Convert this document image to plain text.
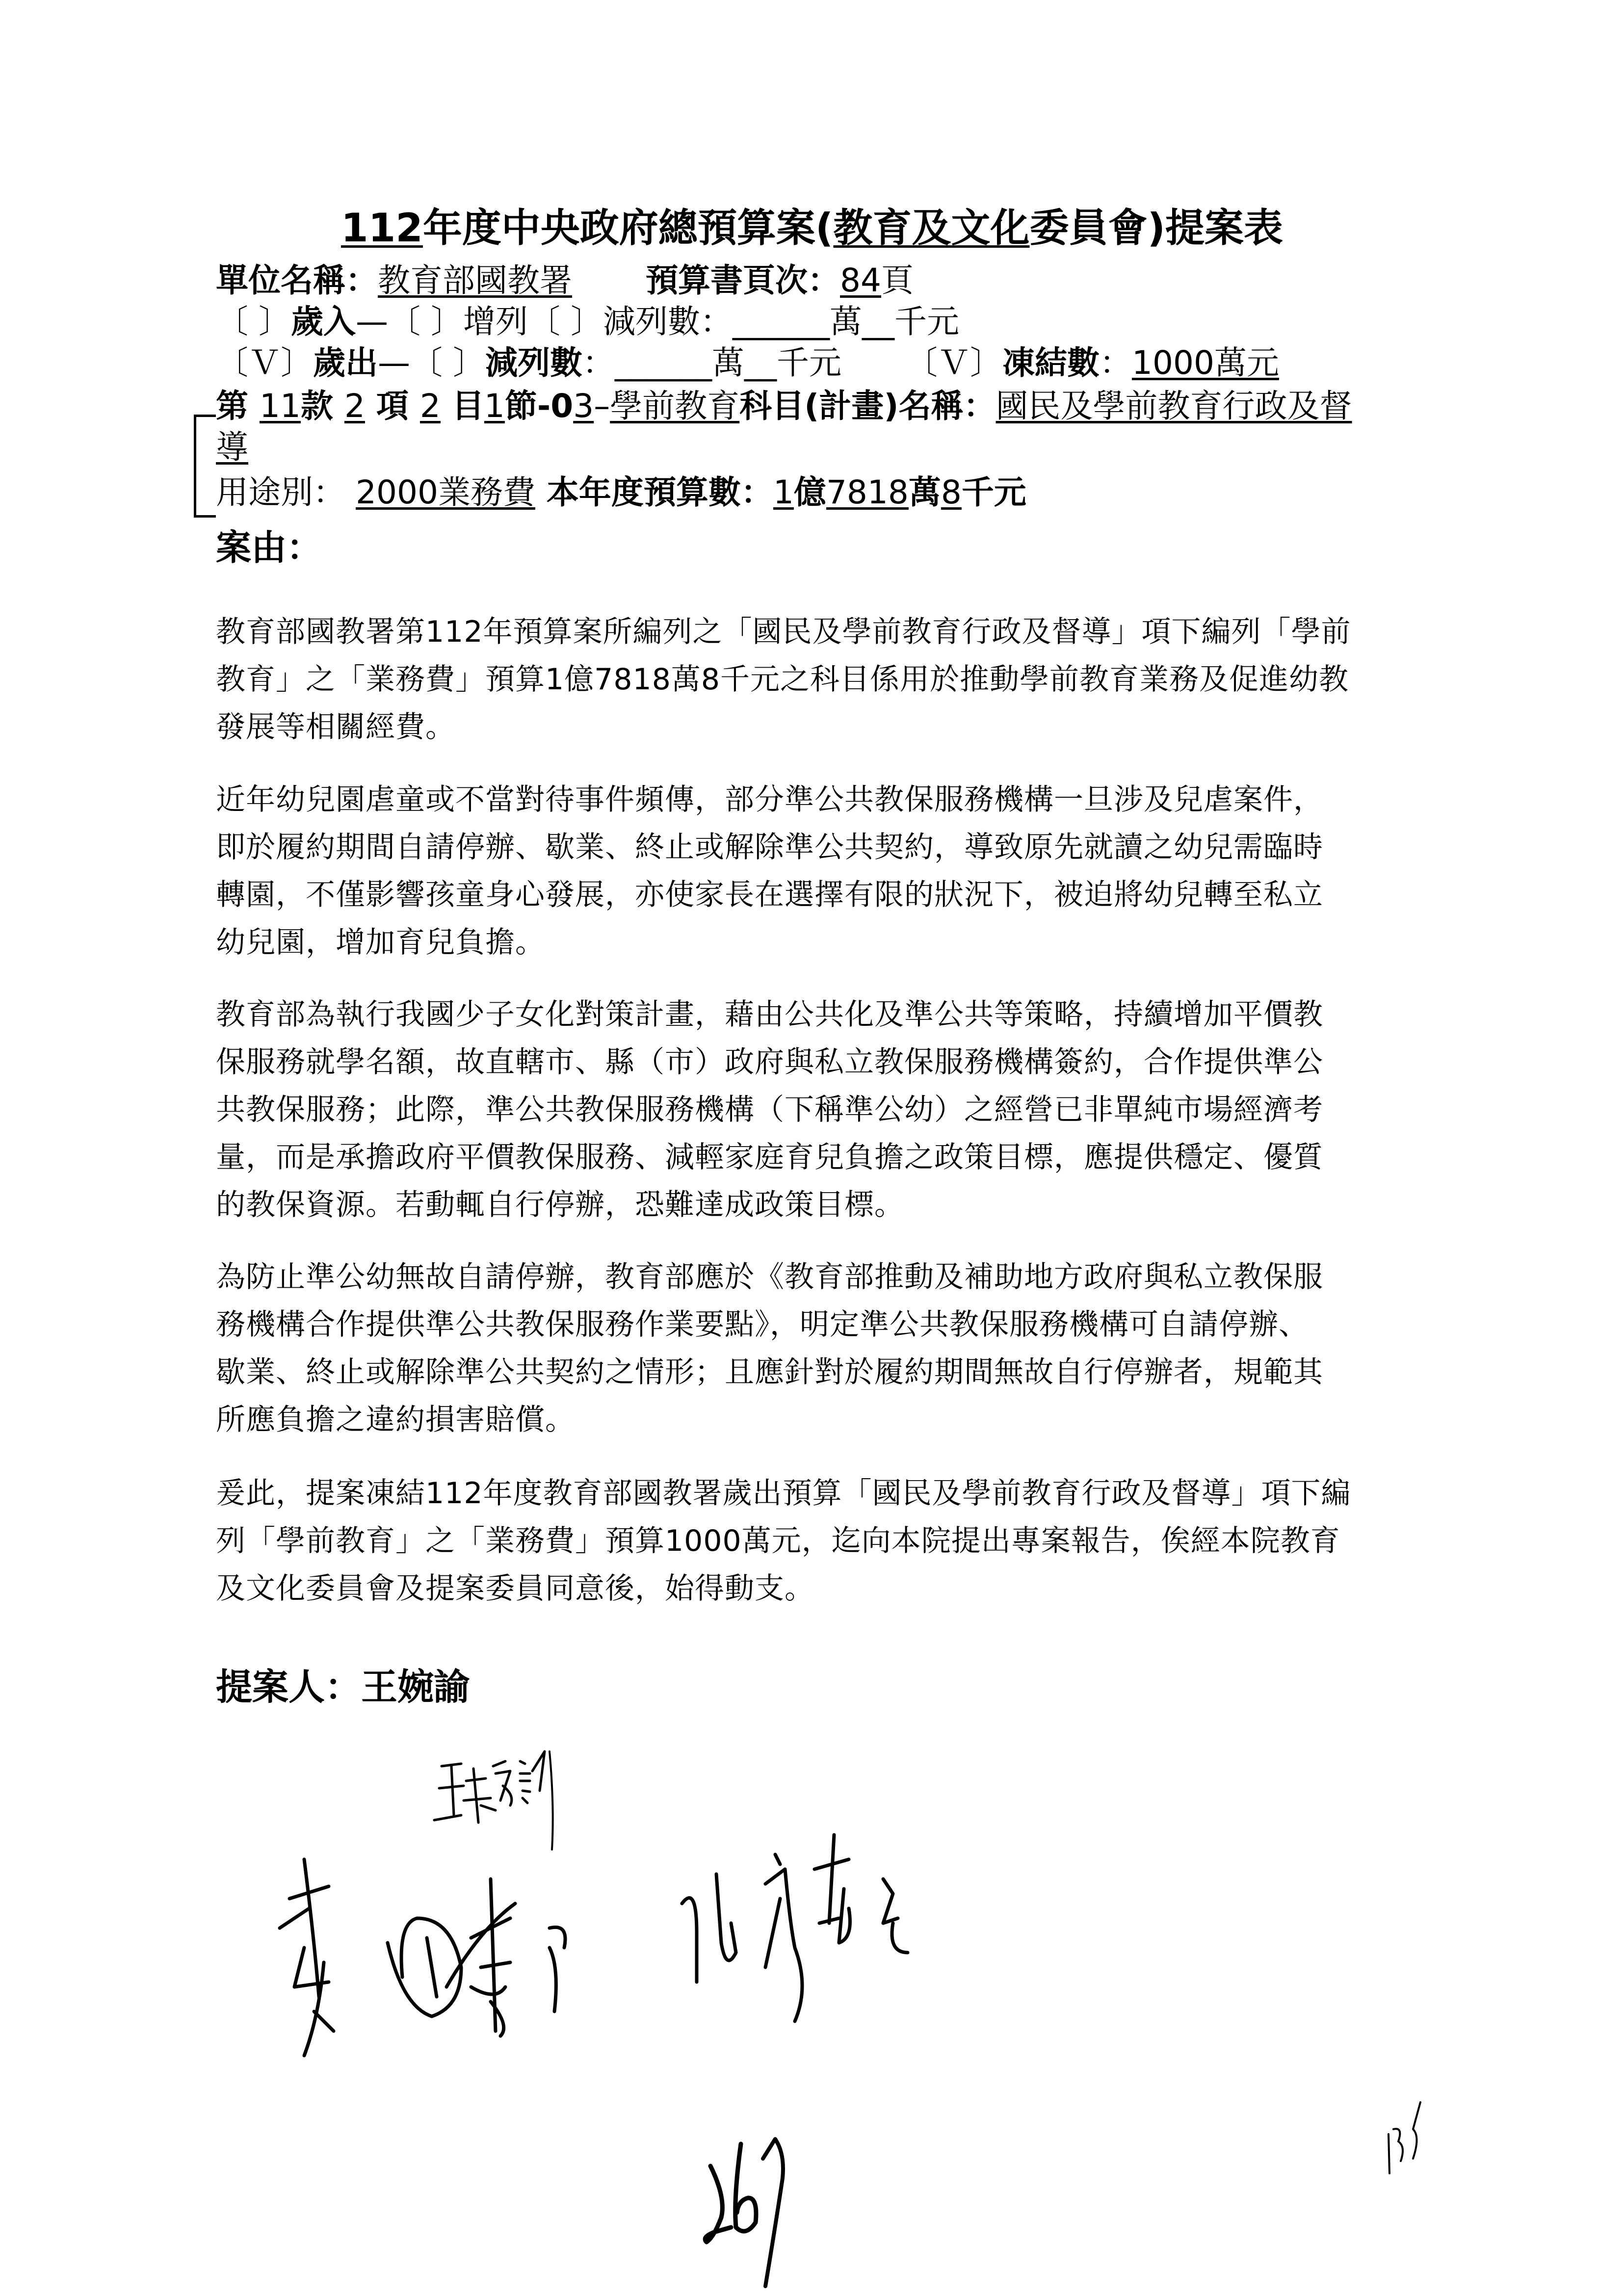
112年度中央政府總預算案(教育及文化委員會)提案表
單位名稱：教育部國教署 預算書頁次：84頁
〔 〕歲入—〔 〕增列〔 〕減列數：______萬__千元
〔Ｖ〕歲出—〔 〕減列數：______萬__千元 〔Ｖ〕凍結數：1000萬元
第 11款 2 項 2 目1節-03–學前教育科目(計畫)名稱：國民及學前教育行政及督
導
用途別： 2000業務費 本年度預算數：1億7818萬8千元
案由：
教育部國教署第112年預算案所編列之「國民及學前教育行政及督導」項下編列「學前
教育」之「業務費」預算1億7818萬8千元之科目係用於推動學前教育業務及促進幼教
發展等相關經費。
近年幼兒園虐童或不當對待事件頻傳，部分準公共教保服務機構一旦涉及兒虐案件，
即於履約期間自請停辦、歇業、終止或解除準公共契約，導致原先就讀之幼兒需臨時
轉園，不僅影響孩童身心發展，亦使家長在選擇有限的狀況下，被迫將幼兒轉至私立
幼兒園，增加育兒負擔。
教育部為執行我國少子女化對策計畫，藉由公共化及準公共等策略，持續增加平價教
保服務就學名額，故直轄市、縣（市）政府與私立教保服務機構簽約，合作提供準公
共教保服務；此際，準公共教保服務機構（下稱準公幼）之經營已非單純市場經濟考
量，而是承擔政府平價教保服務、減輕家庭育兒負擔之政策目標，應提供穩定、優質
的教保資源。若動輒自行停辦，恐難達成政策目標。
為防止準公幼無故自請停辦，教育部應於《教育部推動及補助地方政府與私立教保服
務機構合作提供準公共教保服務作業要點》，明定準公共教保服務機構可自請停辦、
歇業、終止或解除準公共契約之情形；且應針對於履約期間無故自行停辦者，規範其
所應負擔之違約損害賠償。
爰此，提案凍結112年度教育部國教署歲出預算「國民及學前教育行政及督導」項下編
列「學前教育」之「業務費」預算1000萬元，迄向本院提出專案報告，俟經本院教育
及文化委員會及提案委員同意後，始得動支。
提案人：王婉諭
